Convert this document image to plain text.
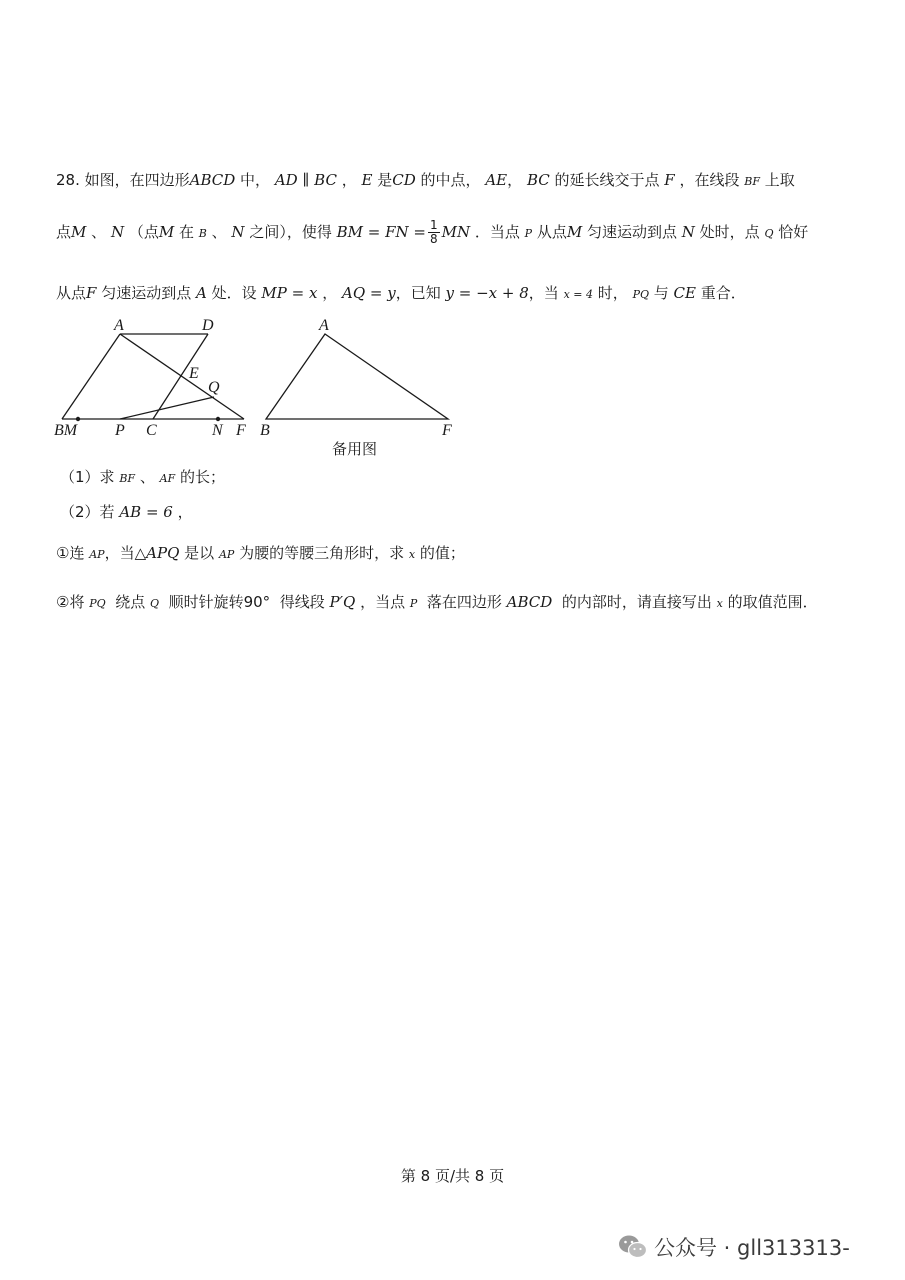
28. 如图，在四边形ABCD 中， AD ∥ BC ， E 是CD 的中点， AE， BC 的延长线交于点 F ，在线段 BF 上取
点M 、 N （点M 在 B 、 N 之间），使得 BM = FN = $\frac{1}{8}$ MN ．当点 P 从点M 匀速运动到点 N 处时，点 Q 恰好
从点F 匀速运动到点 A 处．设 MP = x ， AQ = y，已知 y = −x + 8，当 x = 4 时， PQ 与 CE 重合．
A	D
E
Q
BM P C	N F
A
B	F
备用图
（1）求 BF 、 AF 的长；
（2）若 AB = 6 ，
①连 AP，当△APQ 是以 AP 为腰的等腰三角形时，求 x 的值；
②将 PQ  绕点 Q  顺时针旋转90°  得线段 P′Q ，当点 P  落在四边形 ABCD  的内部时，请直接写出 x 的取值范围．
第 8 页/共 8 页
公众号 · gll313313-
